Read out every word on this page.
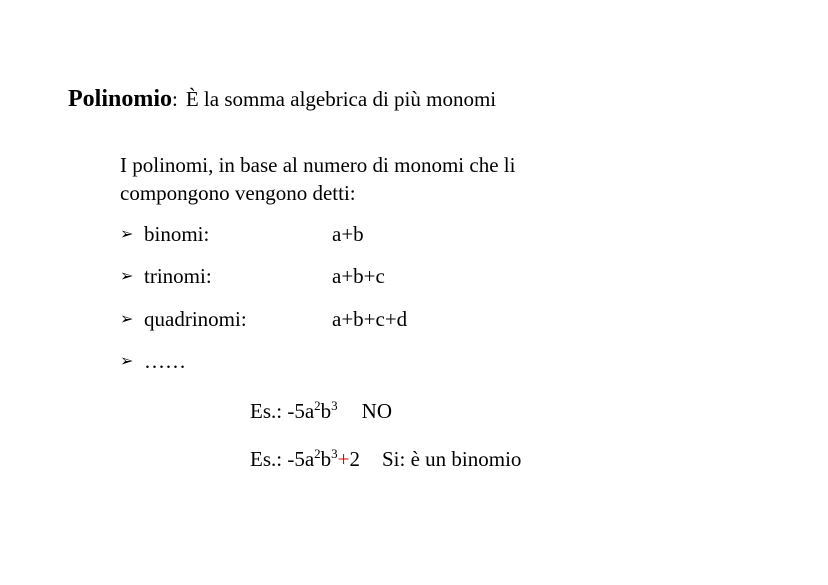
Polinomio: È la somma algebrica di più monomi
I polinomi, in base al numero di monomi che li compongono vengono detti:
➢ binomi:	a+b
➢ trinomi:	a+b+c
➢ quadrinomi:	a+b+c+d
➢ ……
Es.: $-5a^2b^3$ NO
Es.: $-5a^2b^3+2$ Si: è un binomio
